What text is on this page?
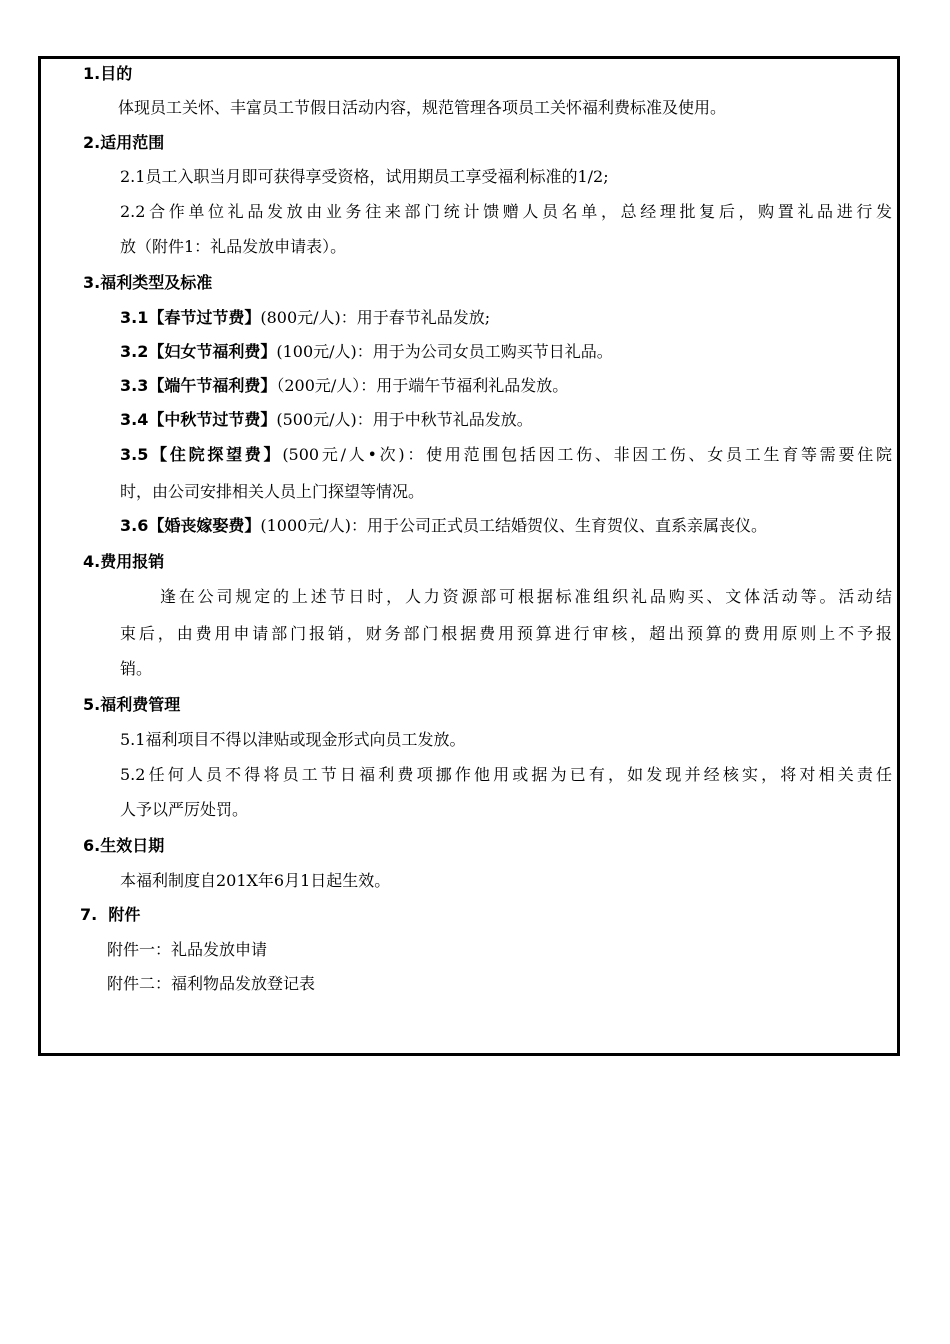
1.目的
体现员工关怀、丰富员工节假日活动内容，规范管理各项员工关怀福利费标准及使用。
2.适用范围
2.1员工入职当月即可获得享受资格，试用期员工享受福利标准的1/2;
2.2合作单位礼品发放由业务往来部门统计馈赠人员名单，总经理批复后，购置礼品进行发
放（附件1：礼品发放申请表）。
3.福利类型及标准
3.1【春节过节费】(800元/人)：用于春节礼品发放;
3.2【妇女节福利费】(100元/人)：用于为公司女员工购买节日礼品。
3.3【端午节福利费】（200元/人）：用于端午节福利礼品发放。
3.4【中秋节过节费】(500元/人)：用于中秋节礼品发放。
3.5【住院探望费】(500元/人•次)：使用范围包括因工伤、非因工伤、女员工生育等需要住院
时，由公司安排相关人员上门探望等情况。
3.6【婚丧嫁娶费】(1000元/人)：用于公司正式员工结婚贺仪、生育贺仪、直系亲属丧仪。
4.费用报销
逢在公司规定的上述节日时，人力资源部可根据标准组织礼品购买、文体活动等。活动结
束后，由费用申请部门报销，财务部门根据费用预算进行审核，超出预算的费用原则上不予报
销。
5.福利费管理
5.1福利项目不得以津贴或现金形式向员工发放。
5.2任何人员不得将员工节日福利费项挪作他用或据为已有，如发现并经核实，将对相关责任
人予以严厉处罚。
6.生效日期
本福利制度自201X年6月1日起生效。
7.  附件
附件一：礼品发放申请
附件二：福利物品发放登记表
